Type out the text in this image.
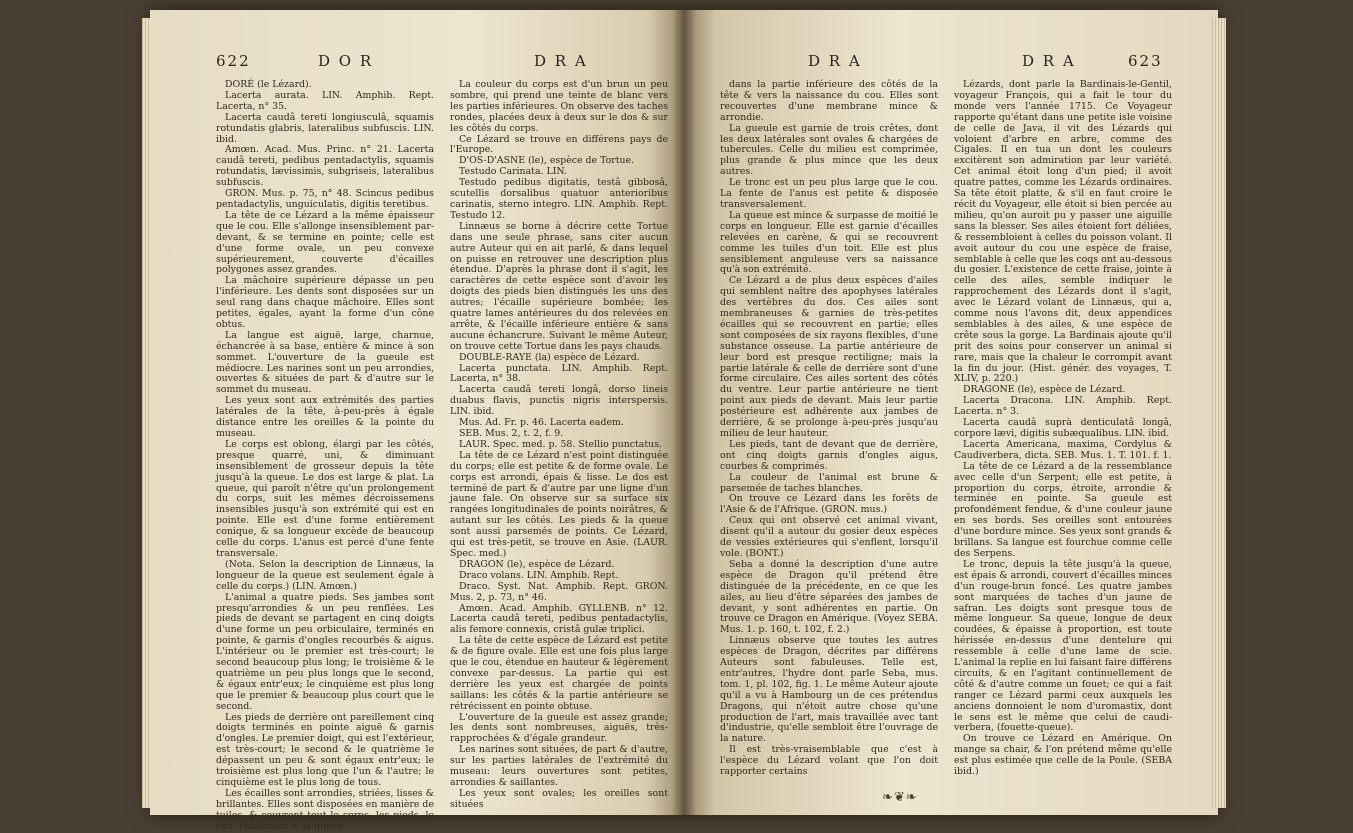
622	D O R	D R A

DORÉ (le Lézard).

Lacerta aurata. LIN. Amphib. Rept. Lacerta, n° 35.

Lacerta caudâ tereti longiusculâ, squamis rotundatis glabris, lateralibus subfuscis. LIN. ibid.

Amœn. Acad. Mus. Princ. n° 21. Lacerta caudâ tereti, pedibus pentadactylis, squamis rotundatis, lævissimis, subgriseis, lateralibus subfuscis.

GRON. Mus. p. 75, n° 48. Scincus pedibus pentadactylis, unguiculatis, digitis teretibus.

La tête de ce Lézard a la même épaisseur que le cou. Elle s'allonge insensiblement par-devant, & se termine en pointe; celle est d'une forme ovale, un peu convexe supérieurement, couverte d'écailles polygones assez grandes.

La mâchoire supérieure dépasse un peu l'inférieure. Les dents sont disposées sur un seul rang dans chaque mâchoire. Elles sont petites, égales, ayant la forme d'un cône obtus.

La langue est aiguë, large, charnue, échancrée à sa base, entière & mince à son sommet. L'ouverture de la gueule est médiocre. Les narines sont un peu arrondies, ouvertes & situées de part & d'autre sur le sommet du museau.

Les yeux sont aux extrémités des parties latérales de la tête, à-peu-près à égale distance entre les oreilles & la pointe du museau.

Le corps est oblong, élargi par les côtés, presque quarré, uni, & diminuant insensiblement de grosseur depuis la tête jusqu'à la queue. Le dos est large & plat. La queue, qui paroît n'être qu'un prolongement du corps, suit les mêmes décroissemens insensibles jusqu'à son extrémité qui est en pointe. Elle est d'une forme entièrement conique, & sa longueur excède de beaucoup celle du corps. L'anus est percé d'une fente transversale.

(Nota. Selon la description de Linnæus, la longueur de la queue est seulement égale à celle du corps.) (LIN. Amœn.)

L'animal a quatre pieds. Ses jambes sont presqu'arrondies & un peu renflées. Les pieds de devant se partagent en cinq doigts d'une forme un peu orbiculaire, terminés en pointe, & garnis d'ongles recourbés & aigus. L'intérieur ou le premier est très-court; le second beaucoup plus long; le troisième & le quatrième un peu plus longs que le second, & égaux entr'eux; le cinquième est plus long que le premier & beaucoup plus court que le second.

Les pieds de derrière ont pareillement cinq doigts terminés en pointe aiguë & garnis d'ongles. Le premier doigt, qui est l'extérieur, est très-court; le second & le quatrième le dépassent un peu & sont égaux entr'eux; le troisième est plus long que l'un & l'autre; le cinquième est le plus long de tous.

Les écailles sont arrondies, striées, lisses & brillantes. Elles sont disposées en manière de tuiles, & couvrent tout le corps, les pieds, le cou, l'abdomen & la queue.

La couleur du corps est d'un brun un peu sombre, qui prend une teinte de blanc vers les parties inférieures. On observe des taches rondes, placées deux à deux sur le dos & sur les côtés du corps.

Ce Lézard se trouve en différens pays de l'Europe.

D'OS-D'ASNE (le), espèce de Tortue.

Testudo Carinata. LIN.

Testudo pedibus digitatis, testâ gibbosâ, scutellis dorsalibus quatuor anterioribus carinatis, sterno integro. LIN. Amphib. Rept. Testudo 12.

Linnæus se borne à décrire cette Tortue dans une seule phrase, sans citer aucun autre Auteur qui en ait parlé, & dans lequel on puisse en retrouver une description plus étendue. D'après la phrase dont il s'agit, les caractères de cette espèce sont d'avoir les doigts des pieds bien distingués les uns des autres; l'écaille supérieure bombée; les quatre lames antérieures du dos relevées en arrête, & l'écaille inférieure entière & sans aucune échancrure. Suivant le même Auteur, on trouve cette Tortue dans les pays chauds.

DOUBLE-RAYE (la) espèce de Lézard.

Lacerta punctata. LIN. Amphib. Rept. Lacerta, n° 38.

Lacerta caudâ tereti longâ, dorso lineis duabus flavis, punctis nigris interspersis. LIN. ibid.

Mus. Ad. Fr. p. 46. Lacerta eadem.

SEB. Mus. 2, t. 2, f. 9.

LAUR. Spec. med. p. 58. Stellio punctatus.

La tête de ce Lézard n'est point distinguée du corps; elle est petite & de forme ovale. Le corps est arrondi, épais & lisse. Le dos est terminé de part & d'autre par une ligne d'un jaune fale. On observe sur sa surface six rangées longitudinales de points noirâtres, & autant sur les côtés. Les pieds & la queue sont aussi parsemés de points. Ce Lézard, qui est très-petit, se trouve en Asie. (LAUR. Spec. med.)

DRAGON (le), espèce de Lézard.

Draco volans. LIN. Amphib. Rept.

Draco. Syst. Nat. Amphib. Rept. GRON. Mus. 2, p. 73, n° 46.

Amœn. Acad. Amphib. GYLLENB. n° 12. Lacerta caudâ tereti, pedibus pentadactylis, alis femore connexis, cristâ gulæ triplici.

La tête de cette espèce de Lézard est petite & de figure ovale. Elle est une fois plus large que le cou, étendue en hauteur & légèrement convexe par-dessus. La partie qui est derrière les yeux est chargée de points saillans: les côtés & la partie antérieure se rétrécissent en pointe obtuse.

L'ouverture de la gueule est assez grande; les dents sont nombreuses, aiguës, très-rapprochées & d'égale grandeur.

Les narines sont situées, de part & d'autre, sur les parties latérales de l'extrémité du museau: leurs ouvertures sont petites, arrondies & saillantes.

Les yeux sont ovales; les oreilles sont situées

D R A	D R A	623

dans la partie inférieure des côtés de la tête & vers la naissance du cou. Elles sont recouvertes d'une membrane mince & arrondie.

La gueule est garnie de trois crêtes, dont les deux latérales sont ovales & chargées de tubercules. Celle du milieu est comprimée, plus grande & plus mince que les deux autres.

Le tronc est un peu plus large que le cou. La fente de l'anus est petite & disposée transversalement.

La queue est mince & surpasse de moitié le corps en longueur. Elle est garnie d'écailles relevées en carène, & qui se recouvrent comme les tuiles d'un toit. Elle est plus sensiblement anguleuse vers sa naissance qu'à son extrémité.

Ce Lézard a de plus deux espèces d'ailes qui semblent naître des apophyses latérales des vertèbres du dos. Ces ailes sont membraneuses & garnies de très-petites écailles qui se recouvrent en partie; elles sont composées de six rayons flexibles, d'une substance osseuse. La partie antérieure de leur bord est presque rectiligne; mais la partie latérale & celle de derrière sont d'une forme circulaire. Ces ailes sortent des côtés du ventre. Leur partie antérieure ne tient point aux pieds de devant. Mais leur partie postérieure est adhérente aux jambes de derrière, & se prolonge à-peu-près jusqu'au milieu de leur hauteur.

Les pieds, tant de devant que de derrière, ont cinq doigts garnis d'ongles aigus, courbes & comprimés.

La couleur de l'animal est brune & parsemée de taches blanches.

On trouve ce Lézard dans les forêts de l'Asie & de l'Afrique. (GRON. mus.)

Ceux qui ont observé cet animal vivant, disent qu'il a autour du gosier deux espèces de vessies extérieures qui s'enflent, lorsqu'il vole. (BONT.)

Seba a donné la description d'une autre espèce de Dragon qu'il prétend être distinguée de la précédente, en ce que les ailes, au lieu d'être séparées des jambes de devant, y sont adhérentes en partie. On trouve ce Dragon en Amérique. (Voyez SEBA. Mus. 1. p. 160, t. 102, f. 2.)

Linnæus observe que toutes les autres espèces de Dragon, décrites par différens Auteurs sont fabuleuses. Telle est, entr'autres, l'hydre dont parle Seba, mus. tom. 1, pl. 102, fig. 1. Le même Auteur ajoute qu'il a vu à Hambourg un de ces prétendus Dragons, qui n'étoit autre chose qu'une production de l'art, mais travaillée avec tant d'industrie, qu'elle sembloit être l'ouvrage de la nature.

Il est très-vraisemblable que c'est à l'espèce du Lézard volant que l'on doit rapporter certains

Lézards, dont parle la Bardinais-le-Gentil, voyageur François, qui a fait le tour du monde vers l'année 1715. Ce Voyageur rapporte qu'étant dans une petite isle voisine de celle de Java, il vit des Lézards qui voloient d'arbre en arbre, comme des Cigales. Il en tua un dont les couleurs excitèrent son admiration par leur variété. Cet animal étoit long d'un pied; il avoit quatre pattes, comme les Lézards ordinaires. Sa tête étoit platte, & s'il en faut croire le récit du Voyageur, elle étoit si bien percée au milieu, qu'on auroit pu y passer une aiguille sans la blesser. Ses ailes étoient fort déliées, & ressembloient à celles du poisson volant. Il avoit autour du cou une espèce de fraise, semblable à celle que les coqs ont au-dessous du gosier. L'existence de cette fraise, jointe à celle des ailes, semble indiquer le rapprochement des Lézards dont il s'agit, avec le Lézard volant de Linnæus, qui a, comme nous l'avons dit, deux appendices semblables à des ailes, & une espèce de crête sous la gorge. La Bardinais ajoute qu'il prit des soins pour conserver un animal si rare, mais que la chaleur le corrompit avant la fin du jour. (Hist. génér. des voyages, T. XLIV, p. 220.)

DRAGONE (le), espèce de Lézard.

Lacerta Dracona. LIN. Amphib. Rept. Lacerta. n° 3.

Lacerta caudâ suprà denticulatâ longâ, corpore lævi, digitis subæqualibus. LIN. ibid.

Lacerta Americana, maxima, Cordylus & Caudiverbera, dicta. SEB. Mus. 1. T. 101. f. 1.

La tête de ce Lézard a de la ressemblance avec celle d'un Serpent; elle est petite, à proportion du corps, étroite, arrondie & terminée en pointe. Sa gueule est profondément fendue, & d'une couleur jaune en ses bords. Ses oreilles sont entourées d'une bordure mince. Ses yeux sont grands & brillans. Sa langue est fourchue comme celle des Serpens.

Le tronc, depuis la tête jusqu'à la queue, est épais & arrondi, couvert d'écailles minces d'un rouge-brun foncé. Les quatre jambes sont marquées de taches d'un jaune de safran. Les doigts sont presque tous de même longueur. Sa queue, longue de deux coudées, & épaisse à proportion, est toute hérissée en-dessus d'une dentelure qui ressemble à celle d'une lame de scie. L'animal la replie en lui faisant faire différens circuits, & en l'agitant continuellement de côté & d'autre comme un fouet; ce qui a fait ranger ce Lézard parmi ceux auxquels les anciens donnoient le nom d'uromastix, dont le sens est le même que celui de caudi-verbera, (fouette-queue).

On trouve ce Lézard en Amérique. On mange sa chair, & l'on prétend même qu'elle est plus estimée que celle de la Poule. (SEBA ibid.)

❧❦❧
